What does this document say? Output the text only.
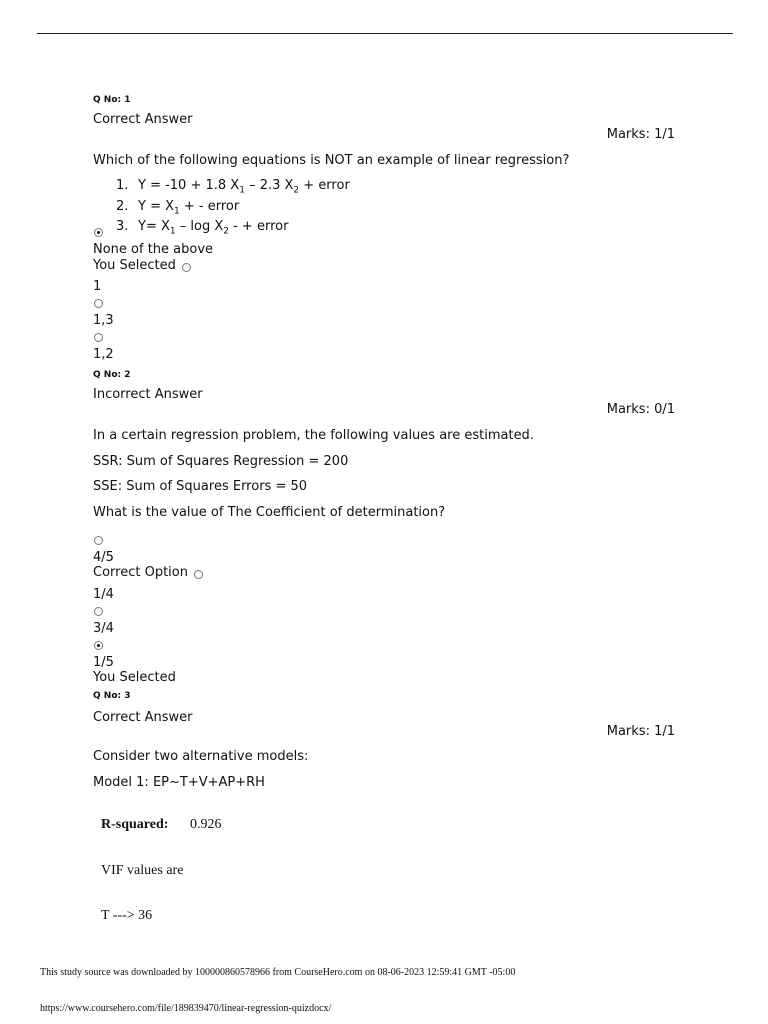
Q No: 1
Correct Answer
Marks: 1/1
Which of the following equations is NOT an example of linear regression?
1. Y = -10 + 1.8 $X_1 - 2.3$ $X_2$ + error
2. $Y = X_1$ + - error
3. $Y= X_1 - \log X_2$ - + error
None of the above
You Selected
1
1,3
1,2
Q No: 2
Incorrect Answer
Marks: 0/1
In a certain regression problem, the following values are estimated.
SSR: Sum of Squares Regression = 200
SSE: Sum of Squares Errors = 50
What is the value of The Coefficient of determination?
4/5
Correct Option
1/4
3/4
1/5
You Selected
Q No: 3
Correct Answer
Marks: 1/1
Consider two alternative models:
Model 1: EP~T+V+AP+RH
R-squared: 0.926
VIF values are
T ---> 36
This study source was downloaded by 100000860578966 from CourseHero.com on 08-06-2023 12:59:41 GMT -05:00
https://www.coursehero.com/file/189839470/linear-regression-quizdocx/
